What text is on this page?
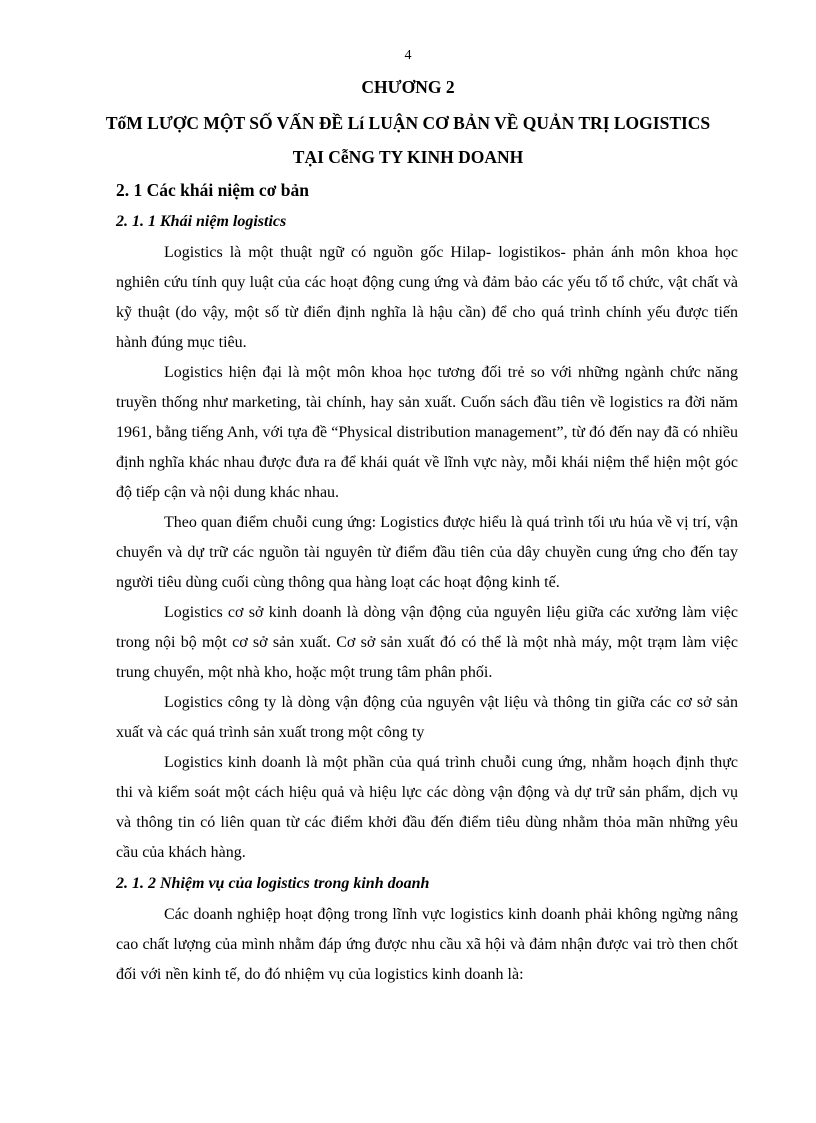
4
CHƯƠNG 2
TốM LƯỢC MỘT SỐ VẤN ĐỀ Lí LUẬN CƠ BẢN VỀ QUẢN TRỊ LOGISTICS TẠI CễNG TY KINH DOANH
2. 1 Các khái niệm cơ bản
2. 1. 1 Khái niệm logistics

Logistics là một thuật ngữ có nguồn gốc Hilap- logistikos- phản ánh môn khoa học nghiên cứu tính quy luật của các hoạt động cung ứng và đảm bảo các yếu tố tổ chức, vật chất và kỹ thuật (do vậy, một số từ điển định nghĩa là hậu cần) để cho quá trình chính yếu được tiến hành đúng mục tiêu.

Logistics hiện đại là một môn khoa học tương đối trẻ so với những ngành chức năng truyền thống như marketing, tài chính, hay sản xuất. Cuốn sách đầu tiên về logistics ra đời năm 1961, bằng tiếng Anh, với tựa đề “Physical distribution management”, từ đó đến nay đã có nhiều định nghĩa khác nhau được đưa ra để khái quát về lĩnh vực này, mỗi khái niệm thể hiện một góc độ tiếp cận và nội dung khác nhau.

Theo quan điểm chuỗi cung ứng: Logistics được hiểu là quá trình tối ưu húa về vị trí, vận chuyển và dự trữ các nguồn tài nguyên từ điểm đầu tiên của dây chuyền cung ứng cho đến tay người tiêu dùng cuối cùng thông qua hàng loạt các hoạt động kinh tế.

Logistics cơ sở kinh doanh là dòng vận động của nguyên liệu giữa các xưởng làm việc trong nội bộ một cơ sở sản xuất. Cơ sở sản xuất đó có thể là một nhà máy, một trạm làm việc trung chuyển, một nhà kho, hoặc một trung tâm phân phối.

Logistics công ty là dòng vận động của nguyên vật liệu và thông tin giữa các cơ sở sản xuất và các quá trình sản xuất trong một công ty

Logistics kinh doanh là một phần của quá trình chuỗi cung ứng, nhằm hoạch định thực thi và kiểm soát một cách hiệu quả và hiệu lực các dòng vận động và dự trữ sản phẩm, dịch vụ và thông tin có liên quan từ các điểm khởi đầu đến điểm tiêu dùng nhằm thỏa mãn những yêu cầu của khách hàng.

2. 1. 2 Nhiệm vụ của logistics trong kinh doanh

Các doanh nghiệp hoạt động trong lĩnh vực logistics kinh doanh phải không ngừng nâng cao chất lượng của mình nhằm đáp ứng được nhu cầu xã hội và đảm nhận được vai trò then chốt đối với nền kinh tế, do đó nhiệm vụ của logistics kinh doanh là:
